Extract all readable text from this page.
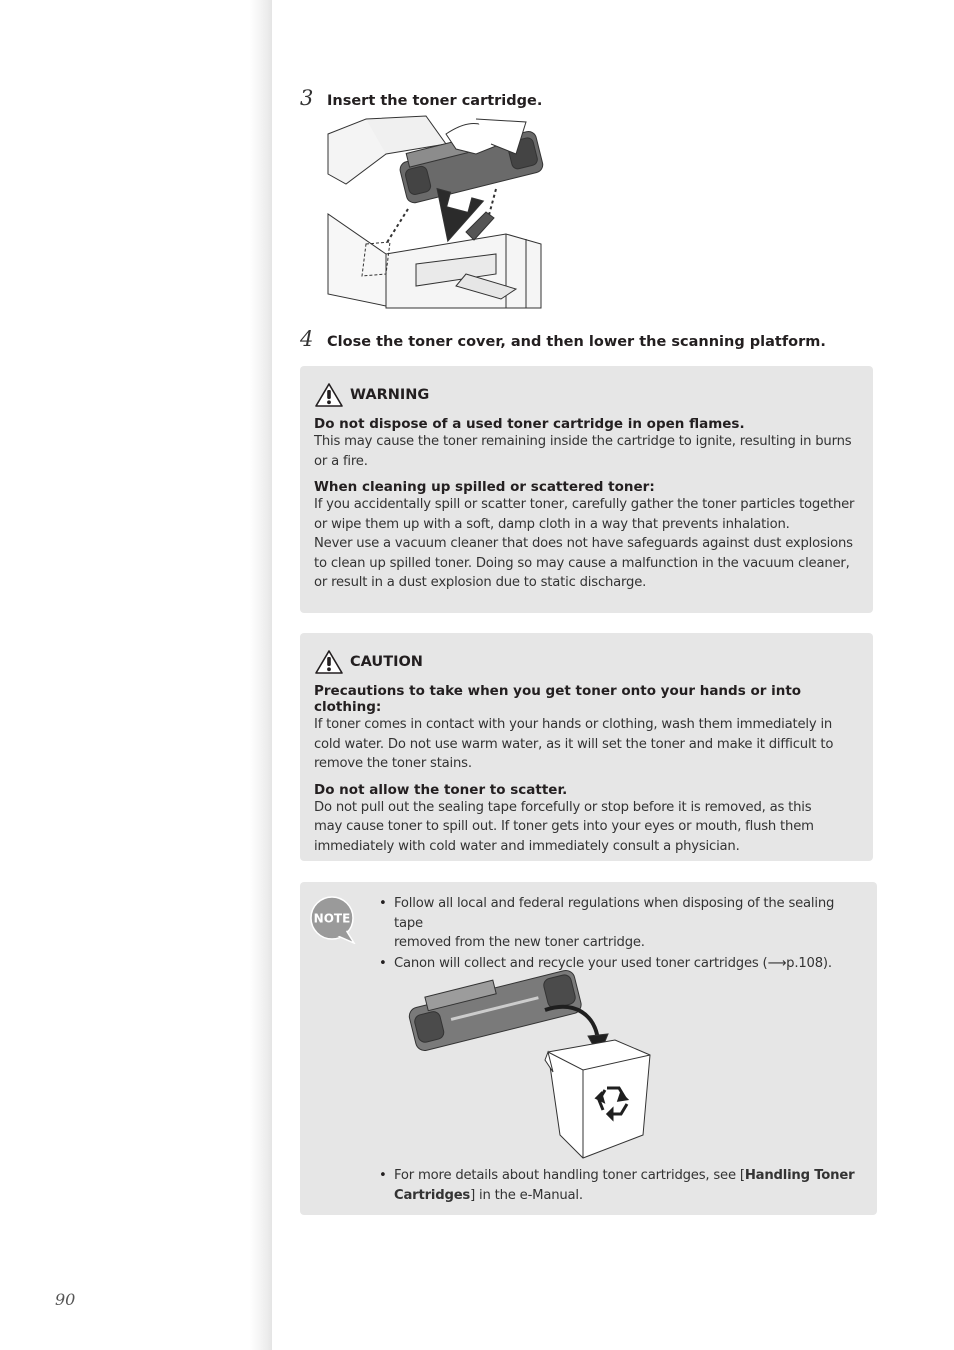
3 Insert the toner cartridge.
4 Close the toner cover, and then lower the scanning platform.
WARNING
Do not dispose of a used toner cartridge in open flames.
This may cause the toner remaining inside the cartridge to ignite, resulting in burns
or a fire.
When cleaning up spilled or scattered toner:
If you accidentally spill or scatter toner, carefully gather the toner particles together
or wipe them up with a soft, damp cloth in a way that prevents inhalation.
Never use a vacuum cleaner that does not have safeguards against dust explosions
to clean up spilled toner. Doing so may cause a malfunction in the vacuum cleaner,
or result in a dust explosion due to static discharge.
CAUTION
Precautions to take when you get toner onto your hands or into clothing:
If toner comes in contact with your hands or clothing, wash them immediately in
cold water. Do not use warm water, as it will set the toner and make it difficult to
remove the toner stains.
Do not allow the toner to scatter.
Do not pull out the sealing tape forcefully or stop before it is removed, as this
may cause toner to spill out. If toner gets into your eyes or mouth, flush them
immediately with cold water and immediately consult a physician.
NOTE
• Follow all local and federal regulations when disposing of the sealing tape
removed from the new toner cartridge.
• Canon will collect and recycle your used toner cartridges (⟶p.108).
• For more details about handling toner cartridges, see [Handling Toner
Cartridges] in the e-Manual.
90
